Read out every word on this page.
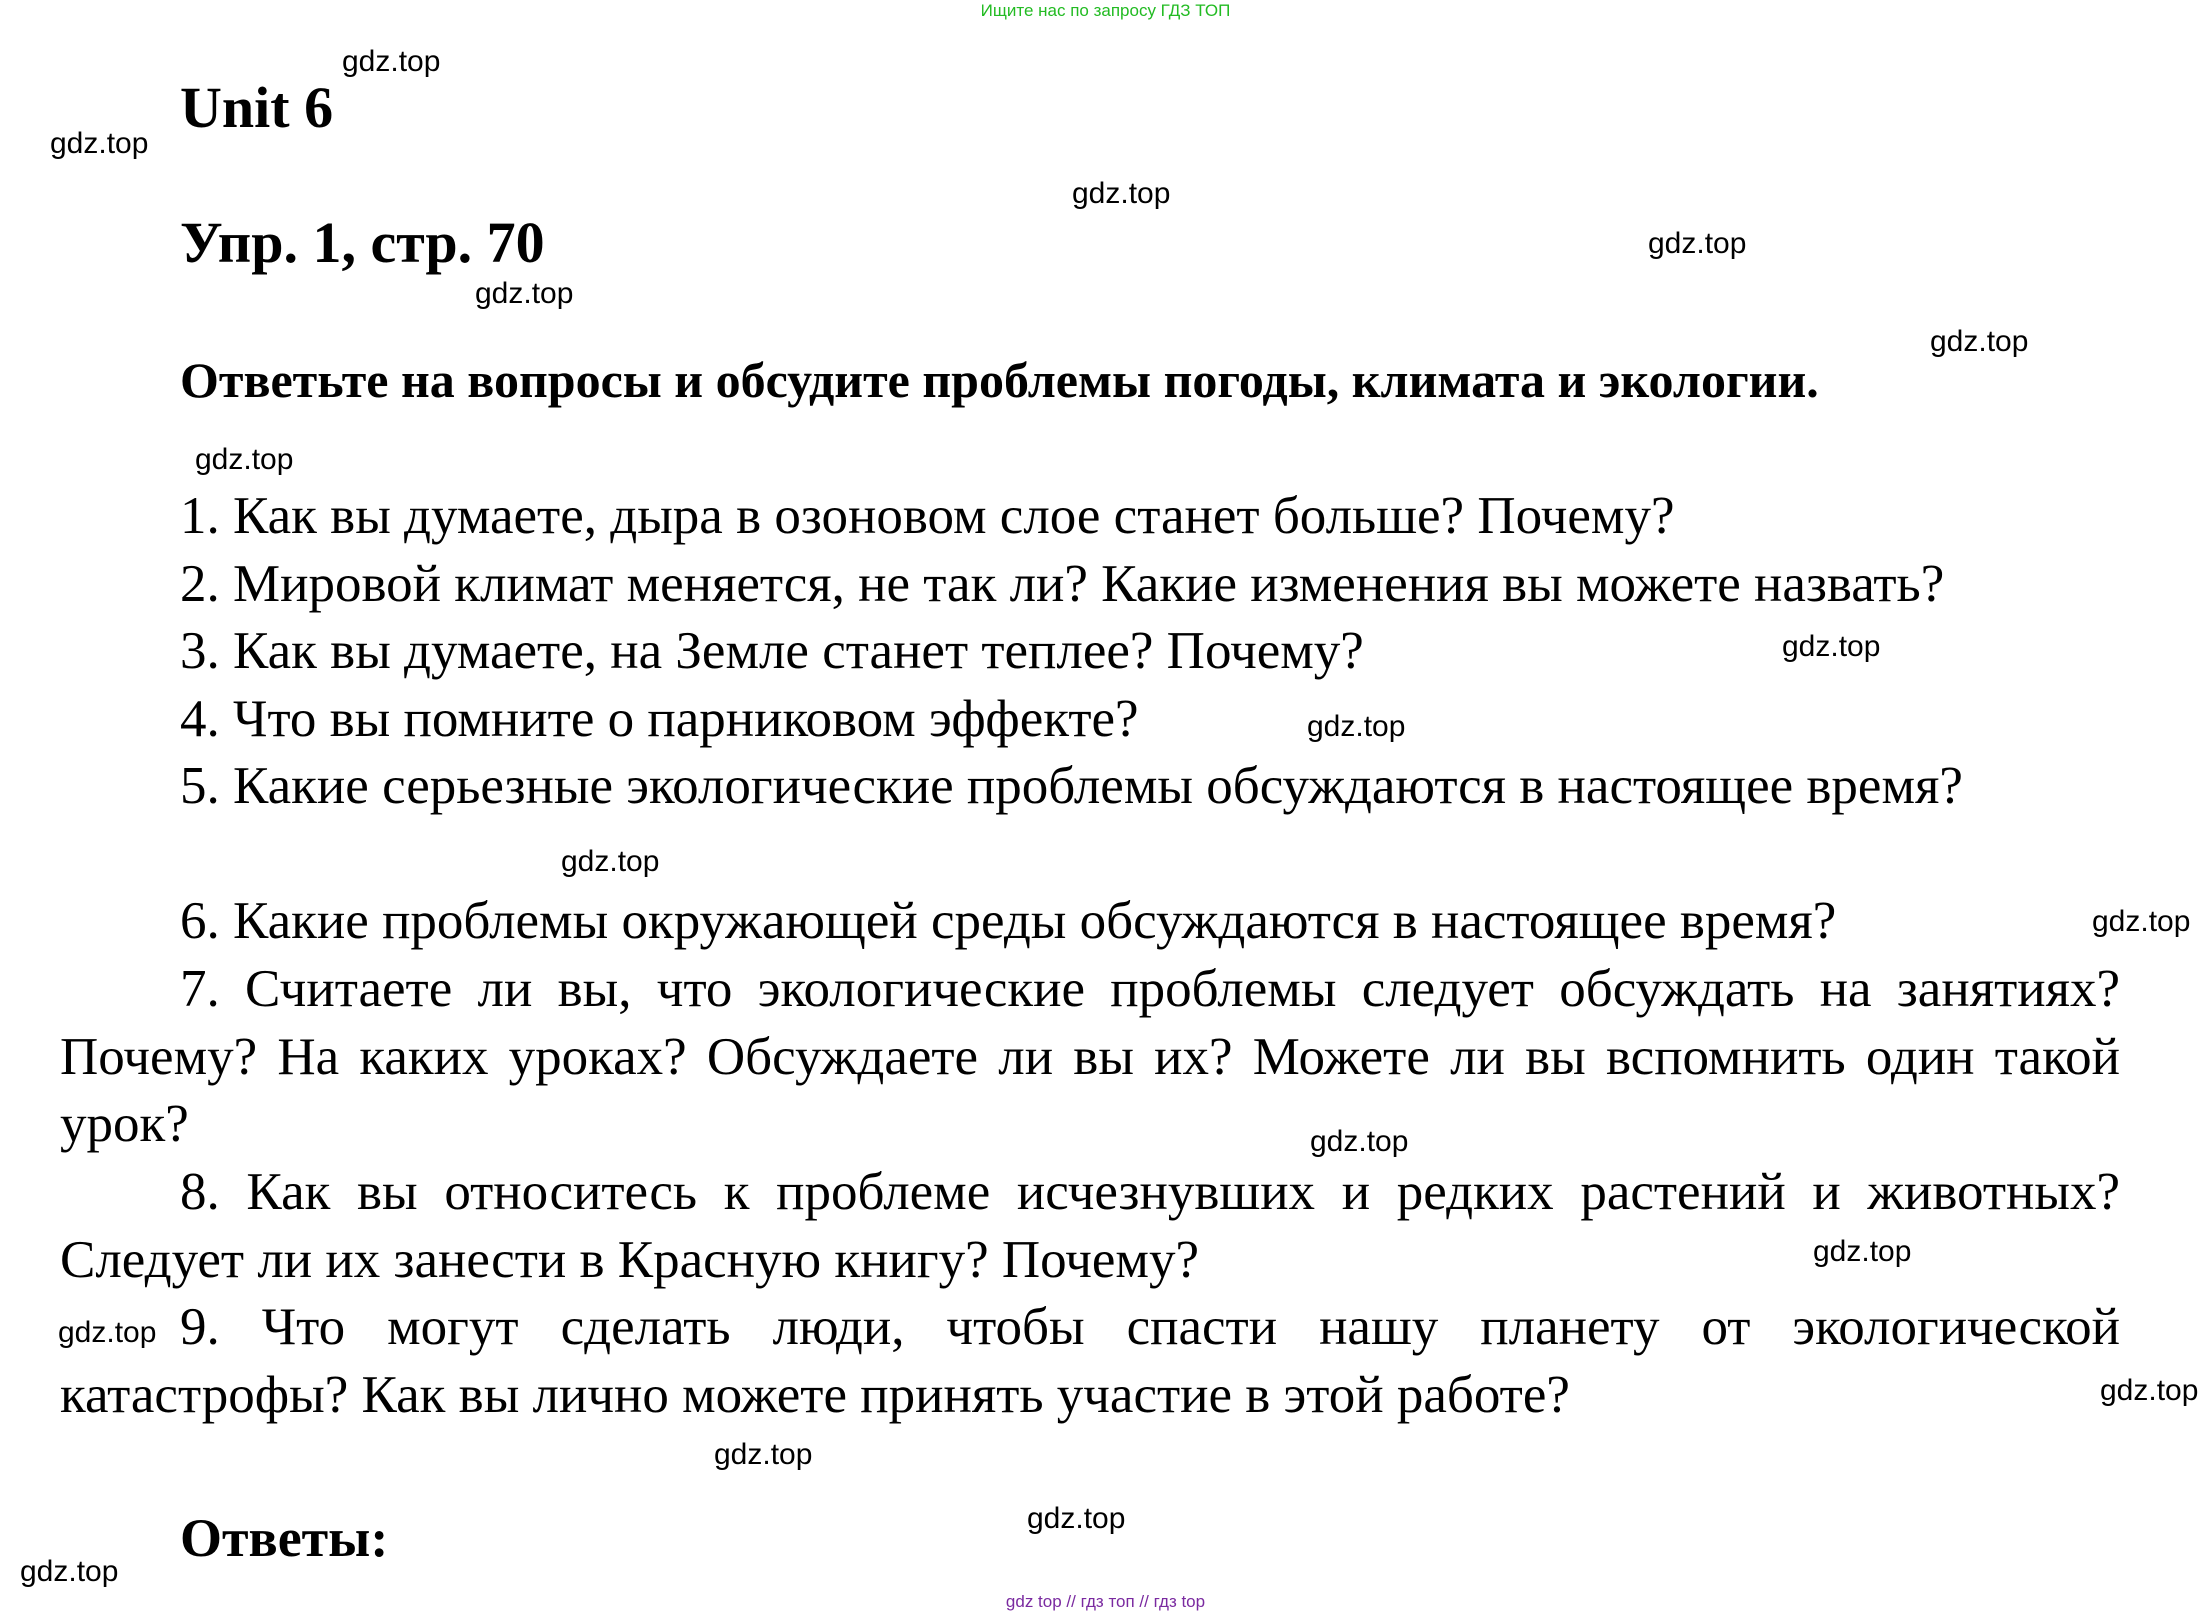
Ищите нас по запросу ГДЗ ТОП
Unit 6
Упр. 1, стр. 70
Ответьте на вопросы и обсудите проблемы погоды, климата и экологии.
1. Как вы думаете, дыра в озоновом слое станет больше? Почему?
2. Мировой климат меняется, не так ли? Какие изменения вы можете назвать?
3. Как вы думаете, на Земле станет теплее? Почему?
4. Что вы помните о парниковом эффекте?
5. Какие серьезные экологические проблемы обсуждаются в настоящее время?
6. Какие проблемы окружающей среды обсуждаются в настоящее время?
7. Считаете ли вы, что экологические проблемы следует обсуждать на занятиях? Почему? На каких уроках? Обсуждаете ли вы их? Можете ли вы вспомнить один такой урок?
8. Как вы относитесь к проблеме исчезнувших и редких растений и животных? Следует ли их занести в Красную книгу? Почему?
9. Что могут сделать люди, чтобы спасти нашу планету от экологической катастрофы? Как вы лично можете принять участие в этой работе?
Ответы:
gdz.top
gdz.top
gdz.top
gdz.top
gdz.top
gdz.top
gdz.top
gdz.top
gdz.top
gdz.top
gdz.top
gdz.top
gdz.top
gdz.top
gdz.top
gdz.top
gdz.top
gdz.top
gdz top // гдз топ // гдз top
